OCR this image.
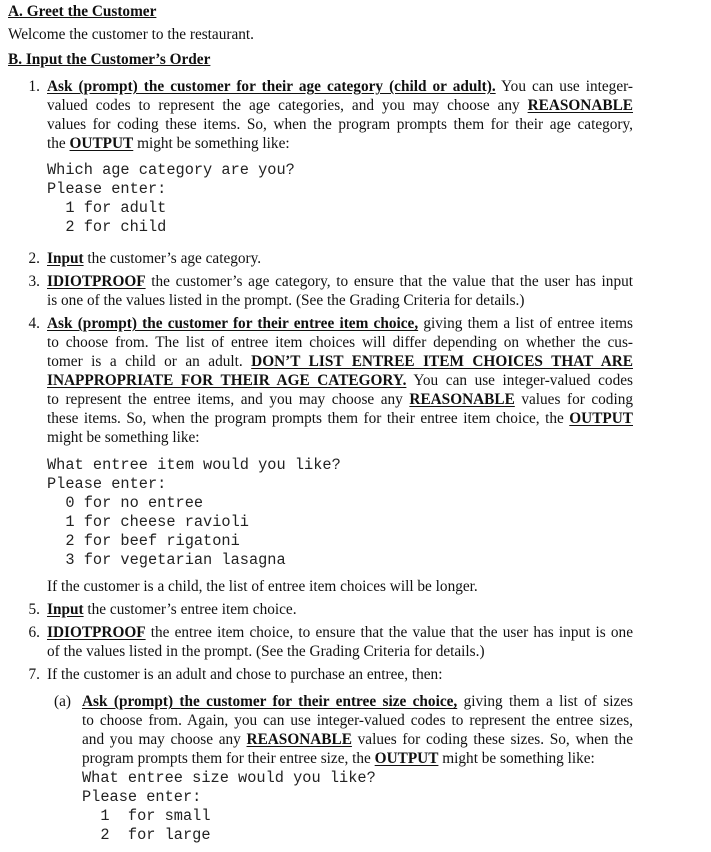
A. Greet the Customer
Welcome the customer to the restaurant.
B. Input the Customer’s Order
1. Ask (prompt) the customer for their age category (child or adult). You can use integer-
valued codes to represent the age categories, and you may choose any REASONABLE
values for coding these items. So, when the program prompts them for their age category,
the OUTPUT might be something like:
Which age category are you?
Please enter:
1 for adult
2 for child
2. Input the customer’s age category.
3. IDIOTPROOF the customer’s age category, to ensure that the value that the user has input
is one of the values listed in the prompt. (See the Grading Criteria for details.)
4. Ask (prompt) the customer for their entree item choice, giving them a list of entree items
to choose from. The list of entree item choices will differ depending on whether the cus-
tomer is a child or an adult. DON’T LIST ENTREE ITEM CHOICES THAT ARE
INAPPROPRIATE FOR THEIR AGE CATEGORY. You can use integer-valued codes
to represent the entree items, and you may choose any REASONABLE values for coding
these items. So, when the program prompts them for their entree item choice, the OUTPUT
might be something like:
What entree item would you like?
Please enter:
0 for no entree
1 for cheese ravioli
2 for beef rigatoni
3 for vegetarian lasagna
If the customer is a child, the list of entree item choices will be longer.
5. Input the customer’s entree item choice.
6. IDIOTPROOF the entree item choice, to ensure that the value that the user has input is one
of the values listed in the prompt. (See the Grading Criteria for details.)
7. If the customer is an adult and chose to purchase an entree, then:
(a) Ask (prompt) the customer for their entree size choice, giving them a list of sizes
to choose from. Again, you can use integer-valued codes to represent the entree sizes,
and you may choose any REASONABLE values for coding these sizes. So, when the
program prompts them for their entree size, the OUTPUT might be something like:
What entree size would you like?
Please enter:
1  for small
2  for large
